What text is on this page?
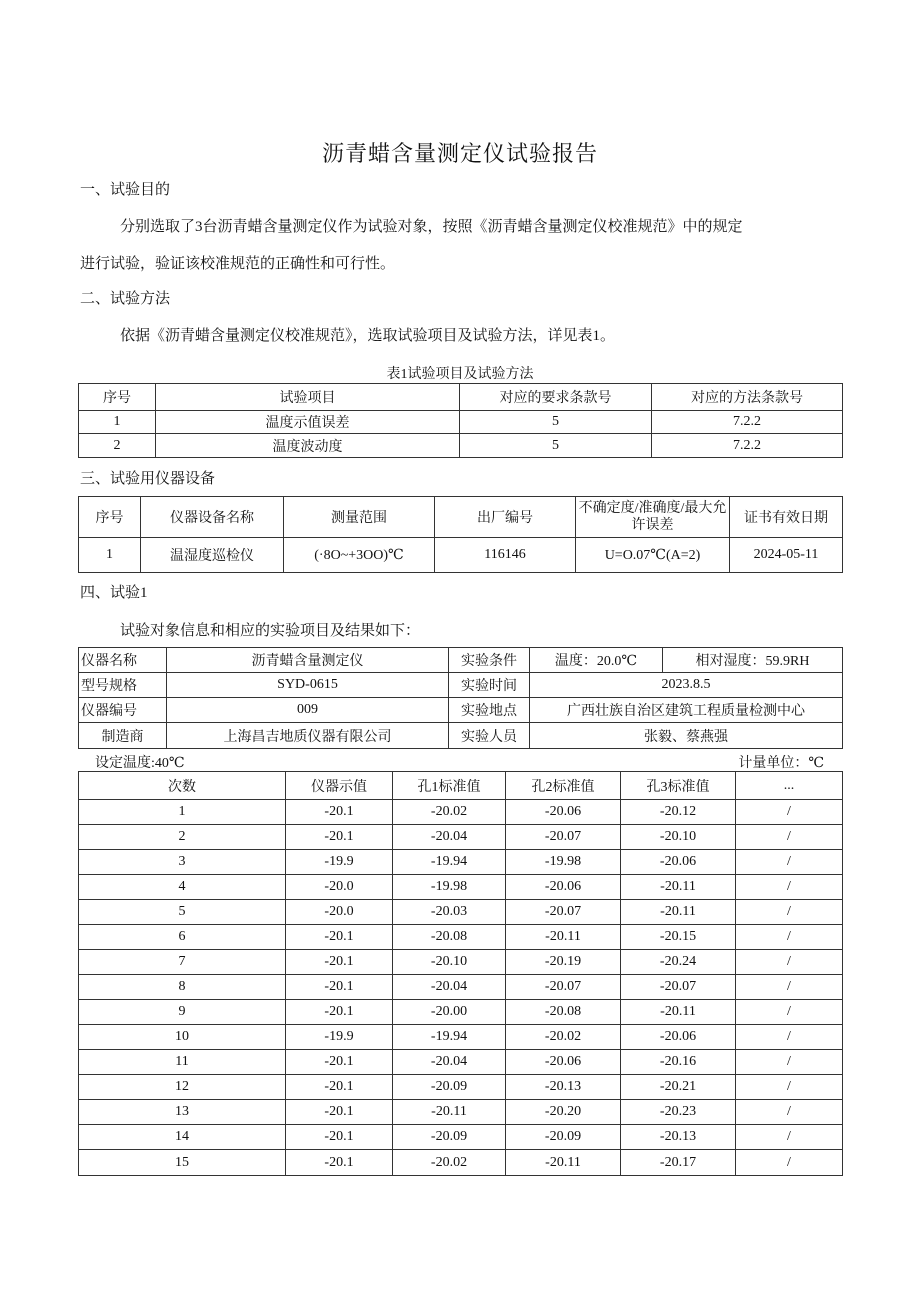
沥青蜡含量测定仪试验报告
一、试验目的
分别选取了3台沥青蜡含量测定仪作为试验对象，按照《沥青蜡含量测定仪校准规范》中的规定
进行试验，验证该校准规范的正确性和可行性。
二、试验方法
依据《沥青蜡含量测定仪校准规范》，选取试验项目及试验方法，详见表1。
表1试验项目及试验方法
序号	试验项目	对应的要求条款号	对应的方法条款号
1	温度示值误差	5	7.2.2
2	温度波动度	5	7.2.2
三、试验用仪器设备
序号	仪器设备名称	测量范围	出厂编号	不确定度/准确度/最大允许误差	证书有效日期
1	温湿度巡检仪	(·8O~+3OO)℃	116146	U=O.07℃(A=2)	2024-05-11
四、试验1
试验对象信息和相应的实验项目及结果如下：
仪器名称	沥青蜡含量测定仪	实验条件	温度：20.0℃	相对湿度：59.9RH
型号规格	SYD-0615	实验时间	2023.8.5	
仪器编号	009	实验地点	广西壮族自治区建筑工程质量检测中心	
制造商	上海昌吉地质仪器有限公司	实验人员	张毅、蔡燕强	
设定温度:40℃	计量单位：℃
次数	仪器示值	孔1标准值	孔2标准值	孔3标准值	...
1	-20.1	-20.02	-20.06	-20.12	/
2	-20.1	-20.04	-20.07	-20.10	/
3	-19.9	-19.94	-19.98	-20.06	/
4	-20.0	-19.98	-20.06	-20.11	/
5	-20.0	-20.03	-20.07	-20.11	/
6	-20.1	-20.08	-20.11	-20.15	/
7	-20.1	-20.10	-20.19	-20.24	/
8	-20.1	-20.04	-20.07	-20.07	/
9	-20.1	-20.00	-20.08	-20.11	/
10	-19.9	-19.94	-20.02	-20.06	/
11	-20.1	-20.04	-20.06	-20.16	/
12	-20.1	-20.09	-20.13	-20.21	/
13	-20.1	-20.11	-20.20	-20.23	/
14	-20.1	-20.09	-20.09	-20.13	/
15	-20.1	-20.02	-20.11	-20.17	/
